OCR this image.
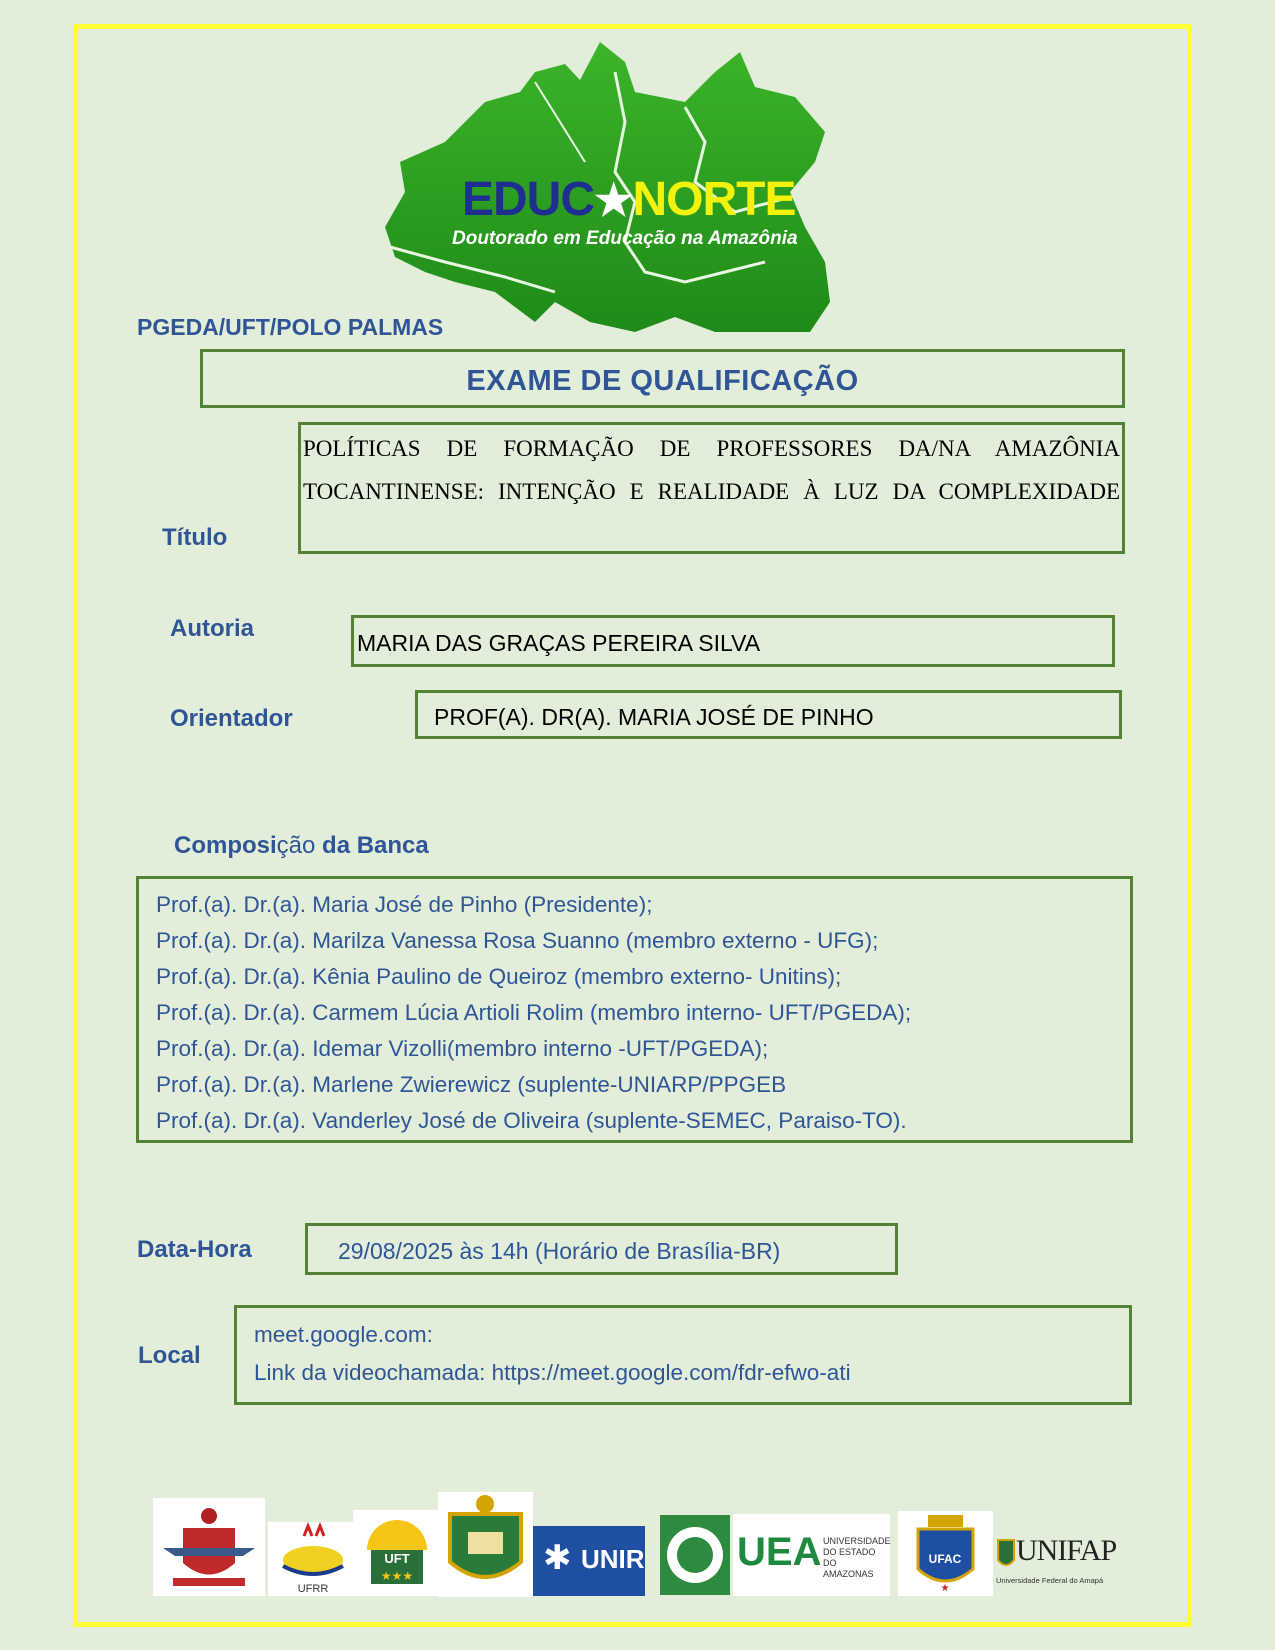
EDUC★NORTE
Doutorado em Educação na Amazônia
PGEDA/UFT/POLO PALMAS
EXAME DE QUALIFICAÇÃO
Título
POLÍTICAS DE FORMAÇÃO DE PROFESSORES DA/NA AMAZÔNIA
TOCANTINENSE: INTENÇÃO E REALIDADE À LUZ DA COMPLEXIDADE
Autoria
MARIA DAS GRAÇAS PEREIRA SILVA
Orientador	PROF(A). DR(A). MARIA JOSÉ DE PINHO
Composição da Banca
Prof.(a). Dr.(a). Maria José de Pinho (Presidente);
Prof.(a). Dr.(a). Marilza Vanessa Rosa Suanno (membro externo - UFG);
Prof.(a). Dr.(a). Kênia Paulino de Queiroz (membro externo- Unitins);
Prof.(a). Dr.(a). Carmem Lúcia Artioli Rolim (membro interno- UFT/PGEDA);
Prof.(a). Dr.(a). Idemar Vizolli(membro interno -UFT/PGEDA);
Prof.(a). Dr.(a). Marlene Zwierewicz (suplente-UNIARP/PPGEB
Prof.(a). Dr.(a). Vanderley José de Oliveira (suplente-SEMEC, Paraiso-TO).
Data-Hora	29/08/2025 às 14h (Horário de Brasília-BR)
Local
meet.google.com:
Link da videochamada: https://meet.google.com/fdr-efwo-ati
UFRR
UFT
★★★	✱ UNIR UEA UNIVERSIDADE
DO ESTADO DO
AMAZONAS
UFAC
★
UNIFAP
Universidade Federal do Amapá
